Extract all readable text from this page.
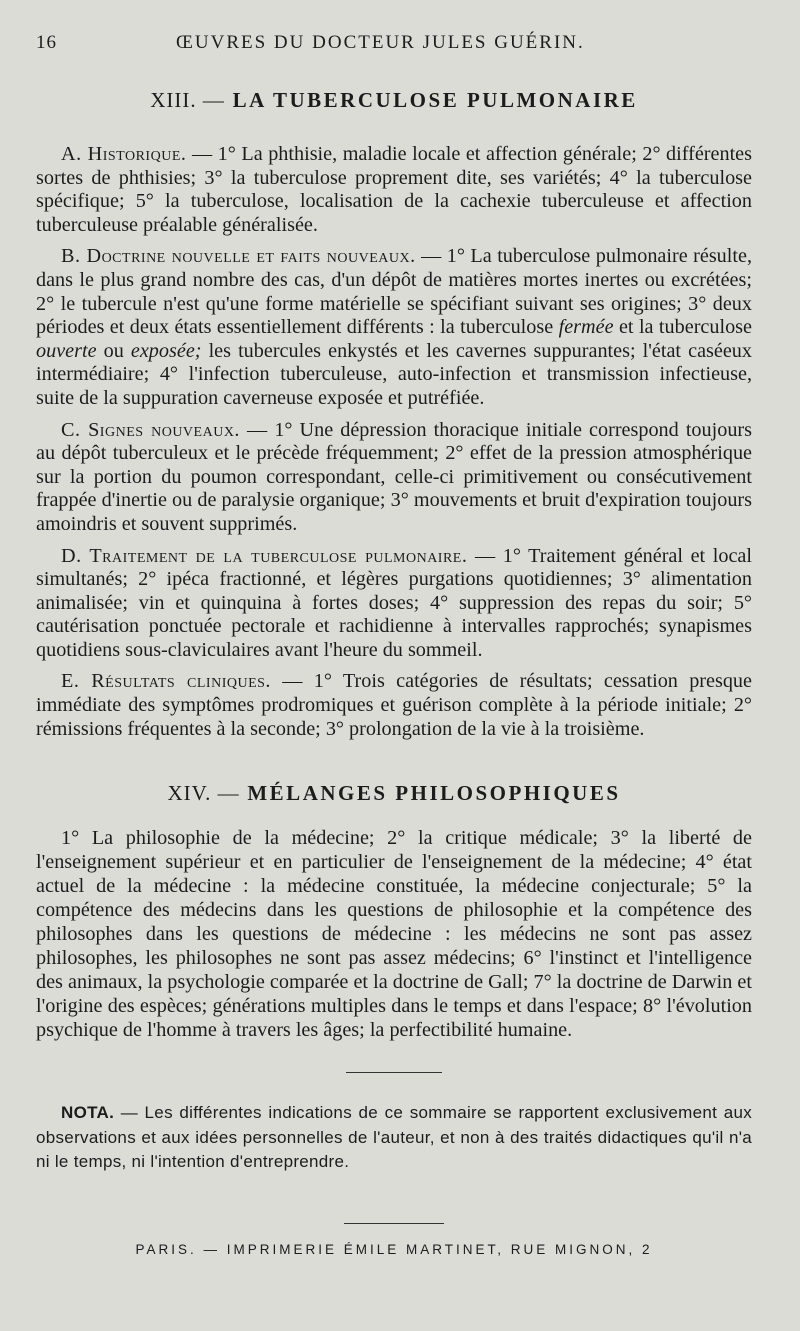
16	ŒUVRES DU DOCTEUR JULES GUÉRIN.
XIII. — LA TUBERCULOSE PULMONAIRE

A. Historique. — 1° La phthisie, maladie locale et affection générale; 2° différentes sortes de phthisies; 3° la tuberculose proprement dite, ses variétés; 4° la tuberculose spécifique; 5° la tuberculose, localisation de la cachexie tuberculeuse et affection tuberculeuse préalable généralisée.

B. Doctrine nouvelle et faits nouveaux. — 1° La tuberculose pulmonaire résulte, dans le plus grand nombre des cas, d'un dépôt de matières mortes inertes ou excrétées; 2° le tubercule n'est qu'une forme matérielle se spécifiant suivant ses origines; 3° deux périodes et deux états essentiellement différents : la tuberculose fermée et la tuberculose ouverte ou exposée; les tubercules enkystés et les cavernes suppurantes; l'état caséeux intermédiaire; 4° l'infection tuberculeuse, auto-infection et transmission infectieuse, suite de la suppuration caverneuse exposée et putréfiée.

C. Signes nouveaux. — 1° Une dépression thoracique initiale correspond toujours au dépôt tuberculeux et le précède fréquemment; 2° effet de la pression atmosphérique sur la portion du poumon correspondant, celle-ci primitivement ou consécutivement frappée d'inertie ou de paralysie organique; 3° mouvements et bruit d'expiration toujours amoindris et souvent supprimés.

D. Traitement de la tuberculose pulmonaire. — 1° Traitement général et local simultanés; 2° ipéca fractionné, et légères purgations quotidiennes; 3° alimentation animalisée; vin et quinquina à fortes doses; 4° suppression des repas du soir; 5° cautérisation ponctuée pectorale et rachidienne à intervalles rapprochés; synapismes quotidiens sous-claviculaires avant l'heure du sommeil.

E. Résultats cliniques. — 1° Trois catégories de résultats; cessation presque immédiate des symptômes prodromiques et guérison complète à la période initiale; 2° rémissions fréquentes à la seconde; 3° prolongation de la vie à la troisième.

XIV. — MÉLANGES PHILOSOPHIQUES

1° La philosophie de la médecine; 2° la critique médicale; 3° la liberté de l'enseignement supérieur et en particulier de l'enseignement de la médecine; 4° état actuel de la médecine : la médecine constituée, la médecine conjecturale; 5° la compétence des médecins dans les questions de philosophie et la compétence des philosophes dans les questions de médecine : les médecins ne sont pas assez philosophes, les philosophes ne sont pas assez médecins; 6° l'instinct et l'intelligence des animaux, la psychologie comparée et la doctrine de Gall; 7° la doctrine de Darwin et l'origine des espèces; générations multiples dans le temps et dans l'espace; 8° l'évolution psychique de l'homme à travers les âges; la perfectibilité humaine.

NOTA. — Les différentes indications de ce sommaire se rapportent exclusivement aux observations et aux idées personnelles de l'auteur, et non à des traités didactiques qu'il n'a ni le temps, ni l'intention d'entreprendre.

PARIS. — IMPRIMERIE ÉMILE MARTINET, RUE MIGNON, 2
